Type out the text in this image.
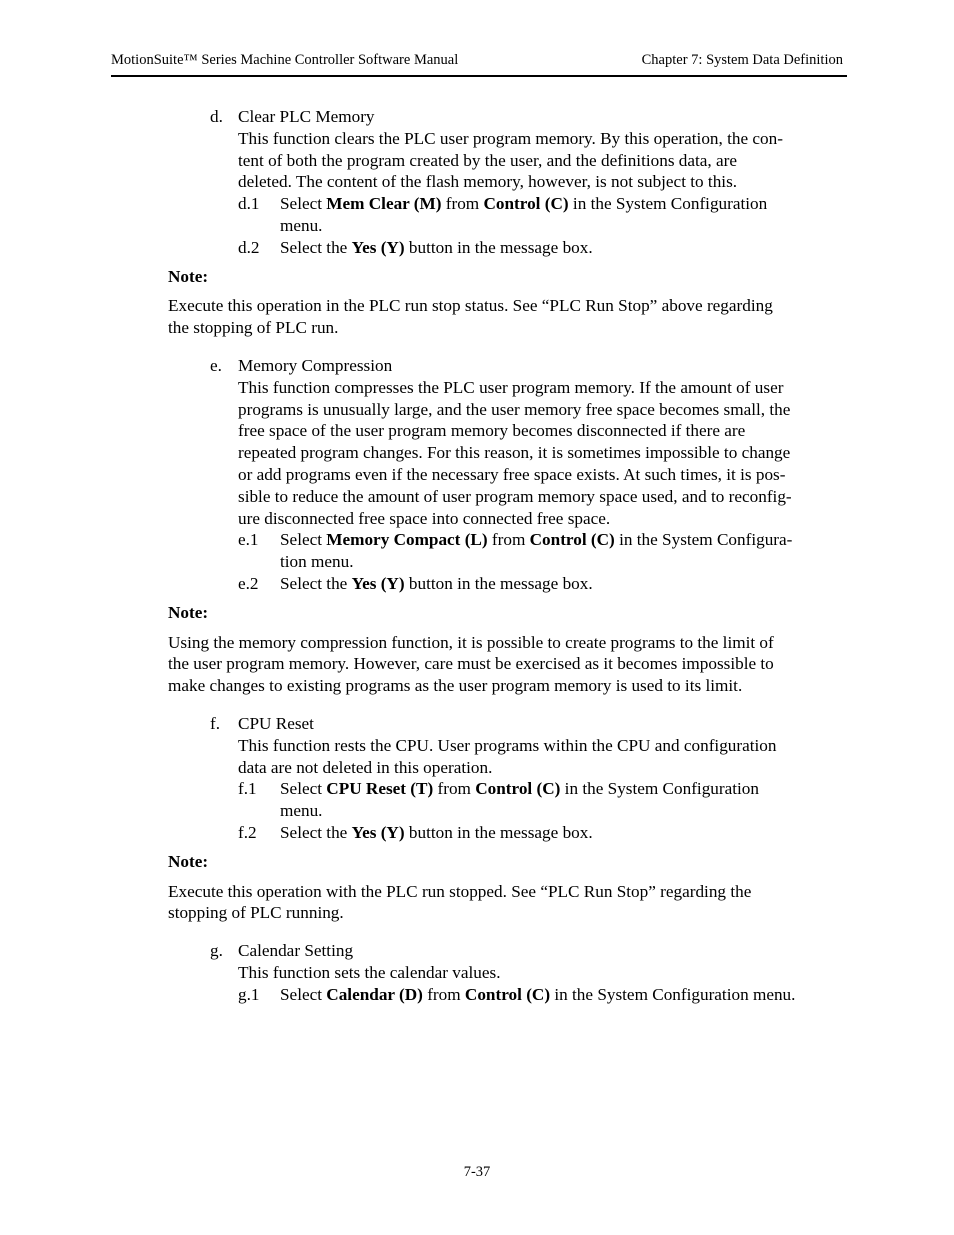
MotionSuite™ Series Machine Controller Software Manual	Chapter 7: System Data Definition
d. Clear PLC Memory
This function clears the PLC user program memory. By this operation, the con-
tent of both the program created by the user, and the definitions data, are
deleted. The content of the flash memory, however, is not subject to this.
d.1 Select Mem Clear (M) from Control (C) in the System Configuration
menu.
d.2 Select the Yes (Y) button in the message box.
Note:
Execute this operation in the PLC run stop status. See “PLC Run Stop” above regarding
the stopping of PLC run.
e. Memory Compression
This function compresses the PLC user program memory. If the amount of user
programs is unusually large, and the user memory free space becomes small, the
free space of the user program memory becomes disconnected if there are
repeated program changes. For this reason, it is sometimes impossible to change
or add programs even if the necessary free space exists. At such times, it is pos-
sible to reduce the amount of user program memory space used, and to reconfig-
ure disconnected free space into connected free space.
e.1 Select Memory Compact (L) from Control (C) in the System Configura-
tion menu.
e.2 Select the Yes (Y) button in the message box.
Note:
Using the memory compression function, it is possible to create programs to the limit of
the user program memory. However, care must be exercised as it becomes impossible to
make changes to existing programs as the user program memory is used to its limit.
f. CPU Reset
This function rests the CPU. User programs within the CPU and configuration
data are not deleted in this operation.
f.1 Select CPU Reset (T) from Control (C) in the System Configuration
menu.
f.2 Select the Yes (Y) button in the message box.
Note:
Execute this operation with the PLC run stopped. See “PLC Run Stop” regarding the
stopping of PLC running.
g. Calendar Setting
This function sets the calendar values.
g.1 Select Calendar (D) from Control (C) in the System Configuration menu.
7-37
